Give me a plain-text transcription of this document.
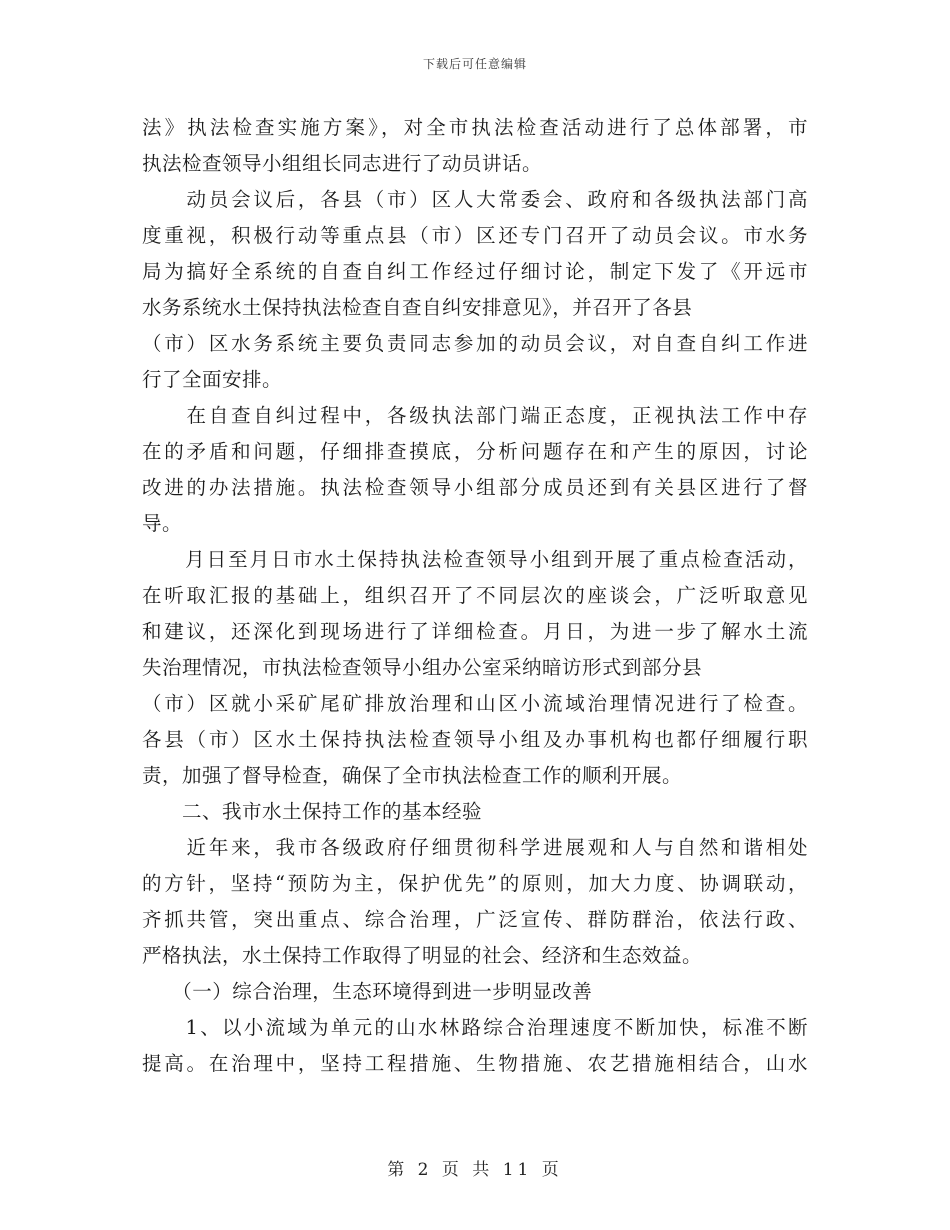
下载后可任意编辑
法》执法检查实施方案》，对全市执法检查活动进行了总体部署，市
执法检查领导小组组长同志进行了动员讲话。
　　动员会议后，各县（市）区人大常委会、政府和各级执法部门高
度重视，积极行动等重点县（市）区还专门召开了动员会议。市水务
局为搞好全系统的自查自纠工作经过仔细讨论，制定下发了《开远市
水务系统水土保持执法检查自查自纠安排意见》，并召开了各县
（市）区水务系统主要负责同志参加的动员会议，对自查自纠工作进
行了全面安排。
　　在自查自纠过程中，各级执法部门端正态度，正视执法工作中存
在的矛盾和问题，仔细排查摸底，分析问题存在和产生的原因，讨论
改进的办法措施。执法检查领导小组部分成员还到有关县区进行了督
导。
　　月日至月日市水土保持执法检查领导小组到开展了重点检查活动，
在听取汇报的基础上，组织召开了不同层次的座谈会，广泛听取意见
和建议，还深化到现场进行了详细检查。月日，为进一步了解水土流
失治理情况，市执法检查领导小组办公室采纳暗访形式到部分县
（市）区就小采矿尾矿排放治理和山区小流域治理情况进行了检查。
各县（市）区水土保持执法检查领导小组及办事机构也都仔细履行职
责，加强了督导检查，确保了全市执法检查工作的顺利开展。
　　二、我市水土保持工作的基本经验
　　近年来，我市各级政府仔细贯彻科学进展观和人与自然和谐相处
的方针，坚持“预防为主，保护优先”的原则，加大力度、协调联动，
齐抓共管，突出重点、综合治理，广泛宣传、群防群治，依法行政、
严格执法，水土保持工作取得了明显的社会、经济和生态效益。
　　（一）综合治理，生态环境得到进一步明显改善
　　1、以小流域为单元的山水林路综合治理速度不断加快，标准不断
提高。在治理中，坚持工程措施、生物措施、农艺措施相结合，山水
第 2 页 共 11 页
